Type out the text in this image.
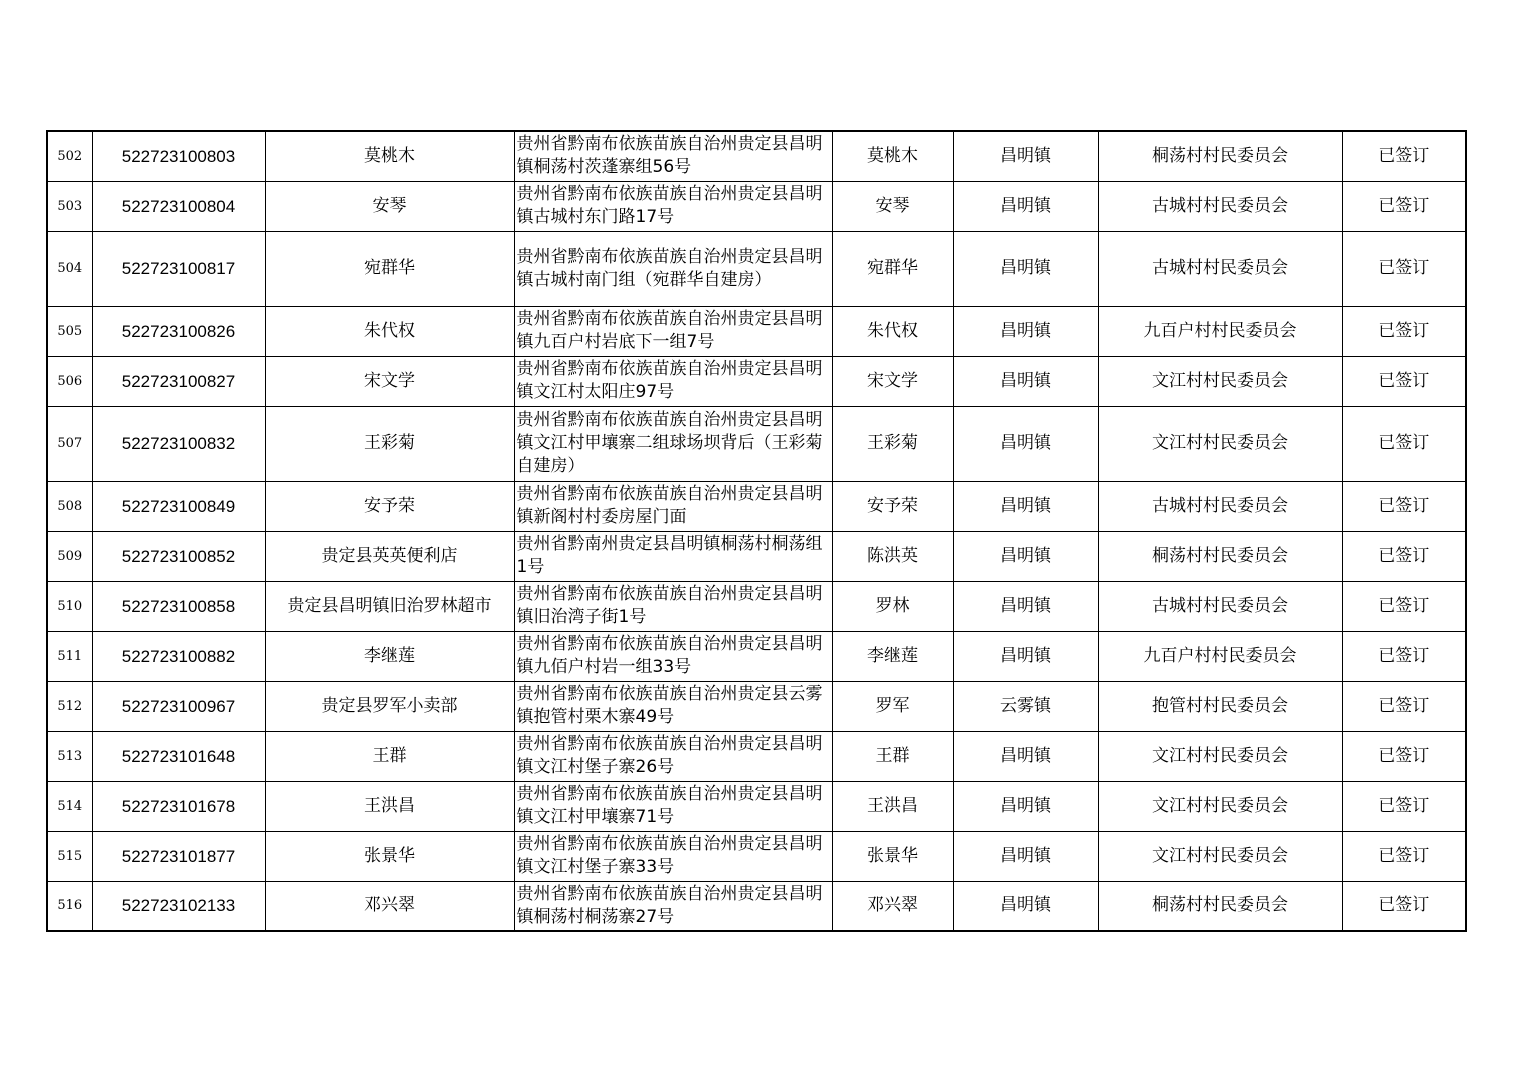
502	522723100803	莫桃木	贵州省黔南布依族苗族自治州贵定县昌明镇桐荡村茨蓬寨组56号	莫桃木	昌明镇	桐荡村村民委员会	已签订
503	522723100804	安琴	贵州省黔南布依族苗族自治州贵定县昌明镇古城村东门路17号	安琴	昌明镇	古城村村民委员会	已签订
504	522723100817	宛群华	贵州省黔南布依族苗族自治州贵定县昌明镇古城村南门组（宛群华自建房）	宛群华	昌明镇	古城村村民委员会	已签订
505	522723100826	朱代权	贵州省黔南布依族苗族自治州贵定县昌明镇九百户村岩底下一组7号	朱代权	昌明镇	九百户村村民委员会	已签订
506	522723100827	宋文学	贵州省黔南布依族苗族自治州贵定县昌明镇文江村太阳庄97号	宋文学	昌明镇	文江村村民委员会	已签订
507	522723100832	王彩菊	贵州省黔南布依族苗族自治州贵定县昌明镇文江村甲壤寨二组球场坝背后（王彩菊自建房）	王彩菊	昌明镇	文江村村民委员会	已签订
508	522723100849	安予荣	贵州省黔南布依族苗族自治州贵定县昌明镇新阁村村委房屋门面	安予荣	昌明镇	古城村村民委员会	已签订
509	522723100852	贵定县英英便利店	贵州省黔南州贵定县昌明镇桐荡村桐荡组1号	陈洪英	昌明镇	桐荡村村民委员会	已签订
510	522723100858	贵定县昌明镇旧治罗林超市	贵州省黔南布依族苗族自治州贵定县昌明镇旧治湾子街1号	罗林	昌明镇	古城村村民委员会	已签订
511	522723100882	李继莲	贵州省黔南布依族苗族自治州贵定县昌明镇九佰户村岩一组33号	李继莲	昌明镇	九百户村村民委员会	已签订
512	522723100967	贵定县罗军小卖部	贵州省黔南布依族苗族自治州贵定县云雾镇抱管村栗木寨49号	罗军	云雾镇	抱管村村民委员会	已签订
513	522723101648	王群	贵州省黔南布依族苗族自治州贵定县昌明镇文江村堡子寨26号	王群	昌明镇	文江村村民委员会	已签订
514	522723101678	王洪昌	贵州省黔南布依族苗族自治州贵定县昌明镇文江村甲壤寨71号	王洪昌	昌明镇	文江村村民委员会	已签订
515	522723101877	张景华	贵州省黔南布依族苗族自治州贵定县昌明镇文江村堡子寨33号	张景华	昌明镇	文江村村民委员会	已签订
516	522723102133	邓兴翠	贵州省黔南布依族苗族自治州贵定县昌明镇桐荡村桐荡寨27号	邓兴翠	昌明镇	桐荡村村民委员会	已签订
